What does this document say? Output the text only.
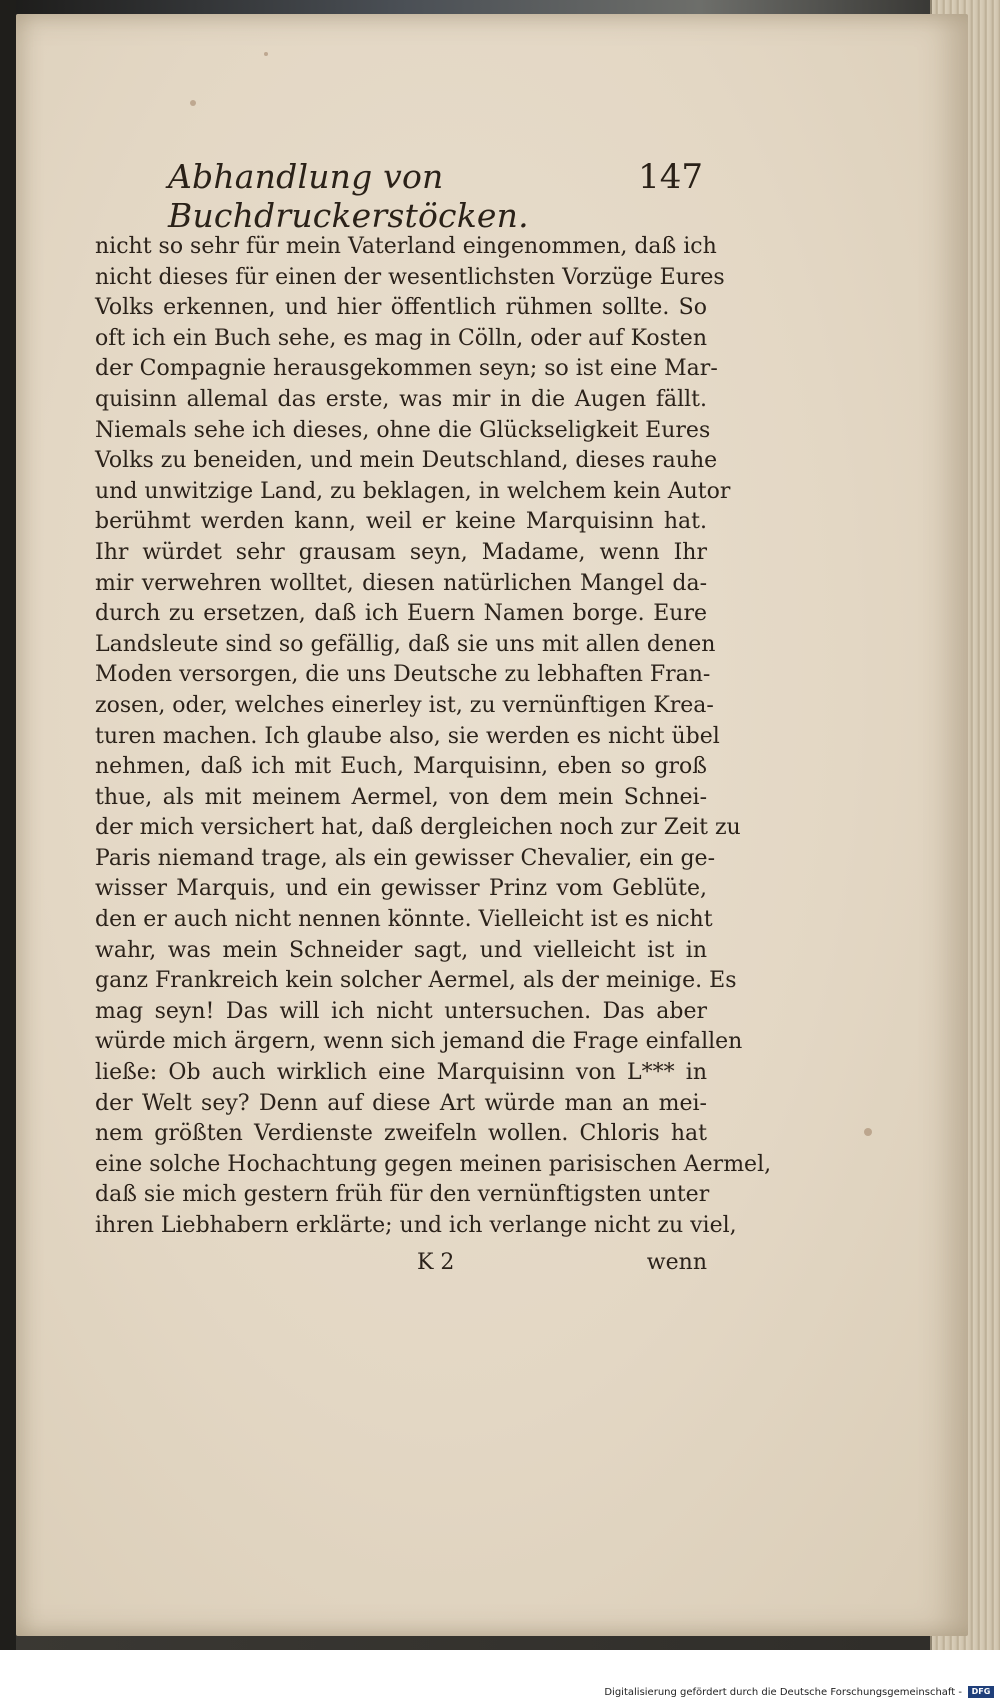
Abhandlung von Buchdruckerstöcken.
147
nicht so sehr für mein Vaterland eingenommen, daß ich
nicht dieses für einen der wesentlichsten Vorzüge Eures
Volks erkennen, und hier öffentlich rühmen sollte. So
oft ich ein Buch sehe, es mag in Cölln, oder auf Kosten
der Compagnie herausgekommen seyn; so ist eine Mar-
quisinn allemal das erste, was mir in die Augen fällt.
Niemals sehe ich dieses, ohne die Glückseligkeit Eures
Volks zu beneiden, und mein Deutschland, dieses rauhe
und unwitzige Land, zu beklagen, in welchem kein Autor
berühmt werden kann, weil er keine Marquisinn hat.
Ihr würdet sehr grausam seyn, Madame, wenn Ihr
mir verwehren wolltet, diesen natürlichen Mangel da-
durch zu ersetzen, daß ich Euern Namen borge. Eure
Landsleute sind so gefällig, daß sie uns mit allen denen
Moden versorgen, die uns Deutsche zu lebhaften Fran-
zosen, oder, welches einerley ist, zu vernünftigen Krea-
turen machen. Ich glaube also, sie werden es nicht übel
nehmen, daß ich mit Euch, Marquisinn, eben so groß
thue, als mit meinem Aermel, von dem mein Schnei-
der mich versichert hat, daß dergleichen noch zur Zeit zu
Paris niemand trage, als ein gewisser Chevalier, ein ge-
wisser Marquis, und ein gewisser Prinz vom Geblüte,
den er auch nicht nennen könnte. Vielleicht ist es nicht
wahr, was mein Schneider sagt, und vielleicht ist in
ganz Frankreich kein solcher Aermel, als der meinige. Es
mag seyn! Das will ich nicht untersuchen. Das aber
würde mich ärgern, wenn sich jemand die Frage einfallen
ließe: Ob auch wirklich eine Marquisinn von L*** in
der Welt sey? Denn auf diese Art würde man an mei-
nem größten Verdienste zweifeln wollen. Chloris hat
eine solche Hochachtung gegen meinen parisischen Aermel,
daß sie mich gestern früh für den vernünftigsten unter
ihren Liebhabern erklärte; und ich verlange nicht zu viel,
K 2	wenn
Digitalisierung gefördert durch die Deutsche Forschungsgemeinschaft -	DFG
